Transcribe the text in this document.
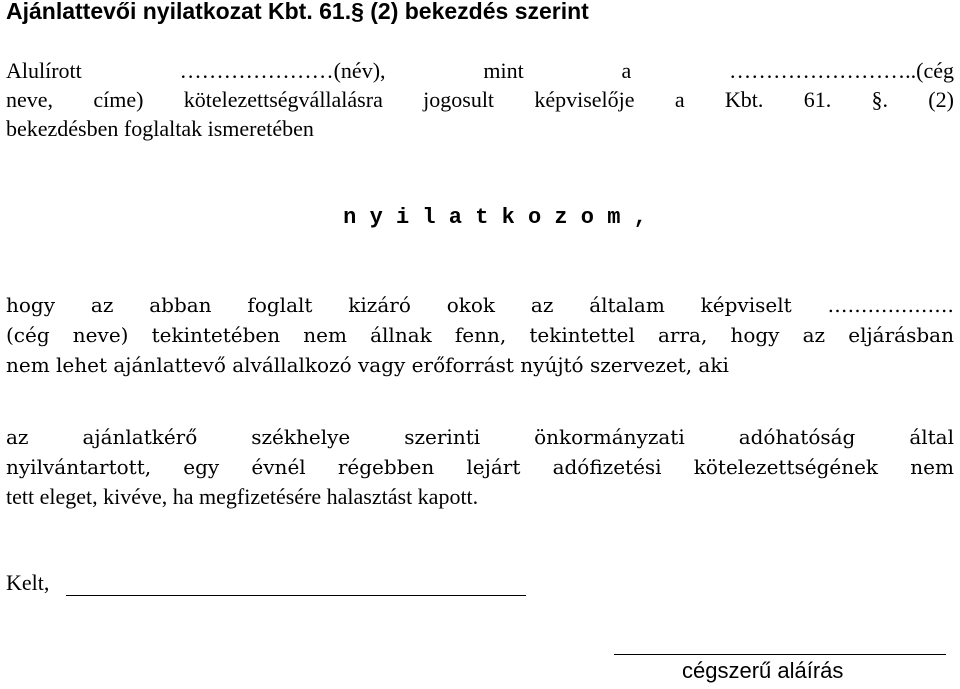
Ajánlattevői nyilatkozat Kbt. 61.§ (2) bekezdés szerint
Alulírott	…………………(név),	mint	a	……………………..(cég
neve, címe) kötelezettségvállalásra jogosult képviselője a Kbt. 61. §. (2)
bekezdésben foglaltak ismeretében

n y i l a t k o z o m ,

hogy az abban foglalt kizáró okok az általam képviselt ……………….
(cég neve) tekintetében nem állnak fenn, tekintettel arra, hogy az eljárásban
nem lehet ajánlattevő alvállalkozó vagy erőforrást nyújtó szervezet, aki
az	ajánlatkérő	székhelye	szerinti	önkormányzati	adóhatóság	által
nyilvántartott, egy évnél régebben lejárt adófizetési kötelezettségének nem
tett eleget, kivéve, ha megfizetésére halasztást kapott.

Kelt,

cégszerű aláírás
